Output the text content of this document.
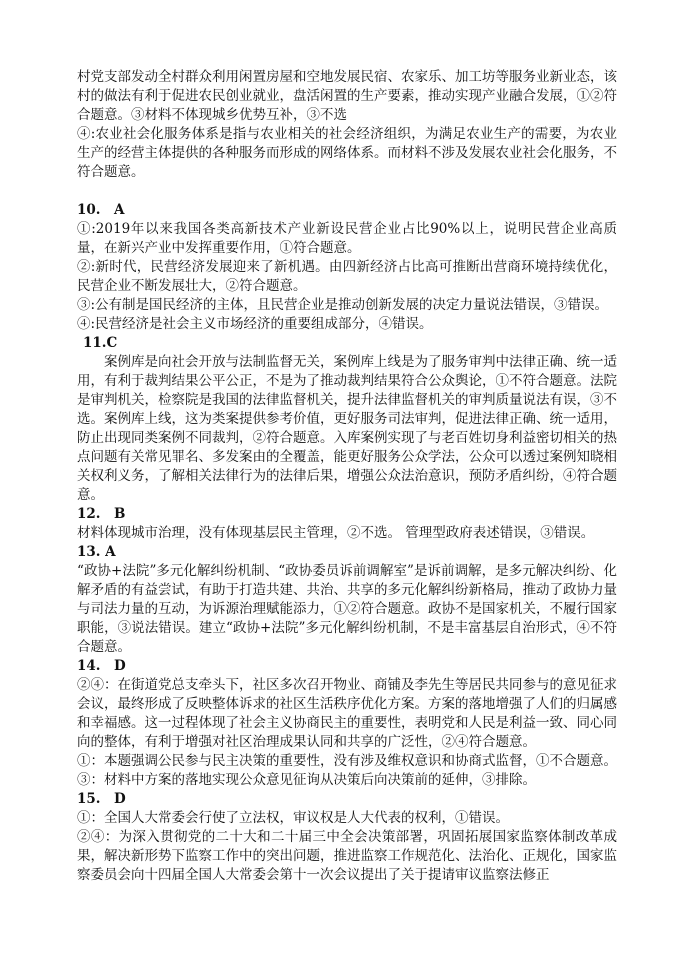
村党支部发动全村群众利用闲置房屋和空地发展民宿、农家乐、加工坊等服务业新业态，该村的做法有利于促进农民创业就业，盘活闲置的生产要素，推动实现产业融合发展，①②符合题意。③材料不体现城乡优势互补，③不选

④:农业社会化服务体系是指与农业相关的社会经济组织，为满足农业生产的需要，为农业生产的经营主体提供的各种服务而形成的网络体系。而材料不涉及发展农业社会化服务，不符合题意。

10.　A

①:2019年以来我国各类高新技术产业新设民营企业占比90%以上，说明民营企业高质量，在新兴产业中发挥重要作用，①符合题意。

②:新时代，民营经济发展迎来了新机遇。由四新经济占比高可推断出营商环境持续优化，民营企业不断发展壮大，②符合题意。

③:公有制是国民经济的主体，且民营企业是推动创新发展的决定力量说法错误，③错误。

④:民营经济是社会主义市场经济的重要组成部分，④错误。

11.C

案例库是向社会开放与法制监督无关，案例库上线是为了服务审判中法律正确、统一适用，有利于裁判结果公平公正，不是为了推动裁判结果符合公众舆论，①不符合题意。法院是审判机关，检察院是我国的法律监督机关，提升法律监督机关的审判质量说法有误，③不选。案例库上线，这为类案提供参考价值，更好服务司法审判，促进法律正确、统一适用，防止出现同类案例不同裁判，②符合题意。入库案例实现了与老百姓切身利益密切相关的热点问题有关常见罪名、多发案由的全覆盖，能更好服务公众学法，公众可以透过案例知晓相关权利义务，了解相关法律行为的法律后果，增强公众法治意识，预防矛盾纠纷，④符合题意。

12.　B

材料体现城市治理，没有体现基层民主管理，②不选。 管理型政府表述错误，③错误。

13. A

“政协+法院”多元化解纠纷机制、“政协委员诉前调解室”是诉前调解，是多元解决纠纷、化解矛盾的有益尝试，有助于打造共建、共治、共享的多元化解纠纷新格局，推动了政协力量与司法力量的互动，为诉源治理赋能添力，①②符合题意。政协不是国家机关，不履行国家职能，③说法错误。建立“政协+法院”多元化解纠纷机制，不是丰富基层自治形式，④不符合题意。

14.　D

②④：在街道党总支牵头下，社区多次召开物业、商铺及李先生等居民共同参与的意见征求会议，最终形成了反映整体诉求的社区生活秩序优化方案。方案的落地增强了人们的归属感和幸福感。这一过程体现了社会主义协商民主的重要性，表明党和人民是利益一致、同心同向的整体，有利于增强对社区治理成果认同和共享的广泛性，②④符合题意。

①：本题强调公民参与民主决策的重要性，没有涉及维权意识和协商式监督，①不合题意。

③：材料中方案的落地实现公众意见征询从决策后向决策前的延伸，③排除。

15.　D

①：全国人大常委会行使了立法权，审议权是人大代表的权利，①错误。

②④：为深入贯彻党的二十大和二十届三中全会决策部署，巩固拓展国家监察体制改革成果，解决新形势下监察工作中的突出问题，推进监察工作规范化、法治化、正规化，国家监察委员会向十四届全国人大常委会第十一次会议提出了关于提请审议监察法修正
